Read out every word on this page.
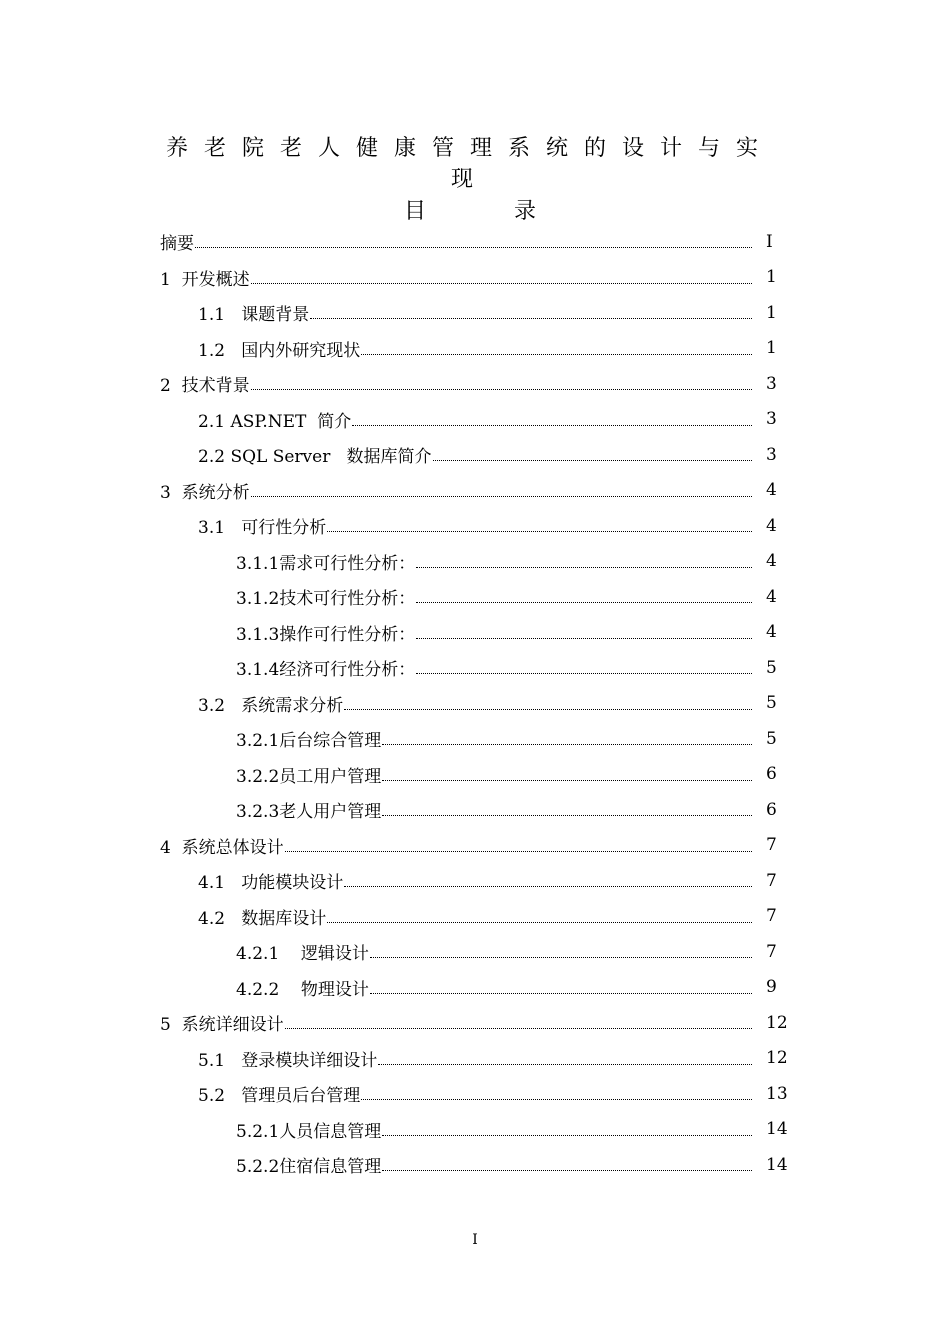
养老院老人健康管理系统的设计与实
现
目	录
摘要	I
1  开发概述	1
1.1   课题背景	1
1.2   国内外研究现状	1
2  技术背景	3
2.1 ASP.NET  简介	3
2.2 SQL Server   数据库简介	3
3  系统分析	4
3.1   可行性分析	4
3.1.1需求可行性分析：	4
3.1.2技术可行性分析：	4
3.1.3操作可行性分析：	4
3.1.4经济可行性分析：	5
3.2   系统需求分析	5
3.2.1后台综合管理	5
3.2.2员工用户管理	6
3.2.3老人用户管理	6
4  系统总体设计	7
4.1   功能模块设计	7
4.2   数据库设计	7
4.2.1    逻辑设计	7
4.2.2    物理设计	9
5  系统详细设计	12
5.1   登录模块详细设计	12
5.2   管理员后台管理	13
5.2.1人员信息管理	14
5.2.2住宿信息管理	14
I
